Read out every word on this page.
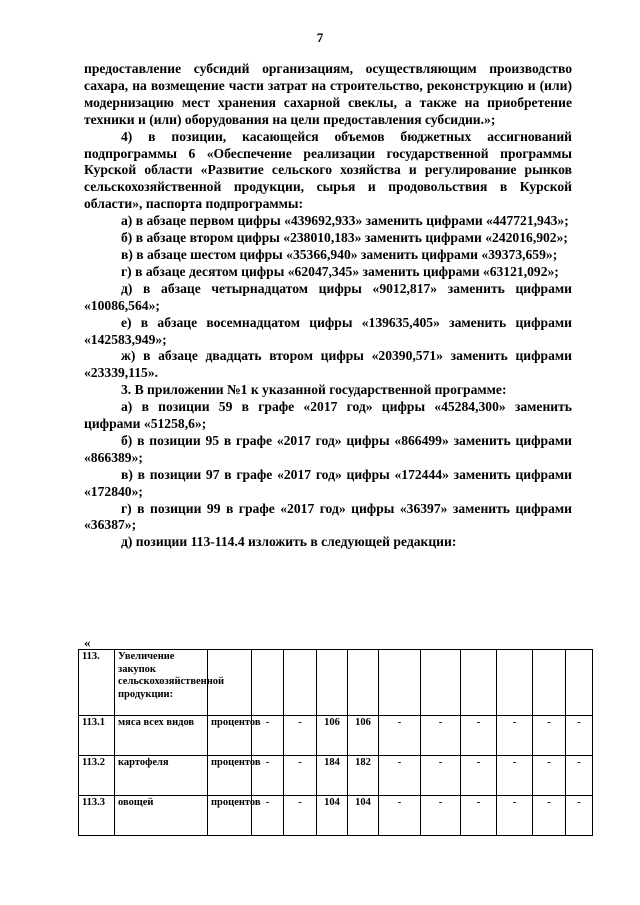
7

предоставление субсидий организациям, осуществляющим производство сахара, на возмещение части затрат на строительство, реконструкцию и (или) модернизацию мест хранения сахарной свеклы, а также на приобретение техники и (или) оборудования на цели предоставления субсидии.»;

4) в позиции, касающейся объемов бюджетных ассигнований подпрограммы 6 «Обеспечение реализации государственной программы Курской области «Развитие сельского хозяйства и регулирование рынков сельскохозяйственной продукции, сырья и продовольствия в Курской области», паспорта подпрограммы:

а) в абзаце первом цифры «439692,933» заменить цифрами «447721,943»;

б) в абзаце втором цифры «238010,183» заменить цифрами «242016,902»;

в) в абзаце шестом цифры «35366,940» заменить цифрами «39373,659»;

г) в абзаце десятом цифры «62047,345» заменить цифрами «63121,092»;

д) в абзаце четырнадцатом цифры «9012,817» заменить цифрами «10086,564»;

е) в абзаце восемнадцатом цифры «139635,405» заменить цифрами «142583,949»;

ж) в абзаце двадцать втором цифры «20390,571» заменить цифрами «23339,115».

3. В приложении №1 к указанной государственной программе:

а) в позиции 59 в графе «2017 год» цифры «45284,300» заменить цифрами «51258,6»;

б) в позиции 95 в графе «2017 год» цифры «866499» заменить цифрами «866389»;

в) в позиции 97 в графе «2017 год» цифры «172444» заменить цифрами «172840»;

г) в позиции 99 в графе «2017 год» цифры «36397» заменить цифрами «36387»;

д) позиции 113-114.4 изложить в следующей редакции:

«
113.	Увеличение закупок сельскохозяйственной продукции:											
113.1	мяса всех видов	процентов	-	-	106	106	-	-	-	-	-	-
113.2	картофеля	процентов	-	-	184	182	-	-	-	-	-	-
113.3	овощей	процентов	-	-	104	104	-	-	-	-	-	-
